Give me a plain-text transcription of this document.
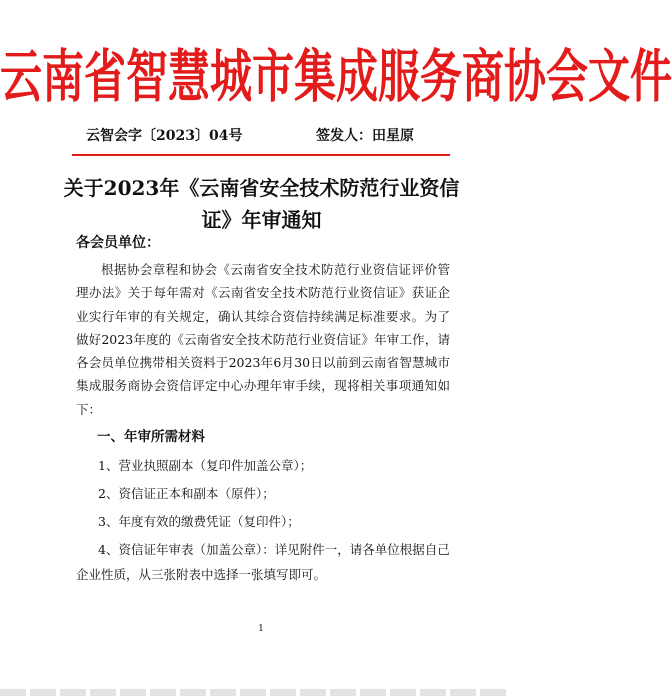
云南省智慧城市集成服务商协会文件
云智会字〔2023〕04号	签发人：田星原
关于2023年《云南省安全技术防范行业资信证》年审通知
各会员单位：

根据协会章程和协会《云南省安全技术防范行业资信证评价管理办法》关于每年需对《云南省安全技术防范行业资信证》获证企业实行年审的有关规定，确认其综合资信持续满足标准要求。为了做好2023年度的《云南省安全技术防范行业资信证》年审工作，请各会员单位携带相关资料于2023年6月30日以前到云南省智慧城市集成服务商协会资信评定中心办理年审手续，现将相关事项通知如下：

一、年审所需材料

1、营业执照副本（复印件加盖公章）；

2、资信证正本和副本（原件）；

3、年度有效的缴费凭证（复印件）；

4、资信证年审表（加盖公章）：详见附件一，请各单位根据自己企业性质，从三张附表中选择一张填写即可。

1
